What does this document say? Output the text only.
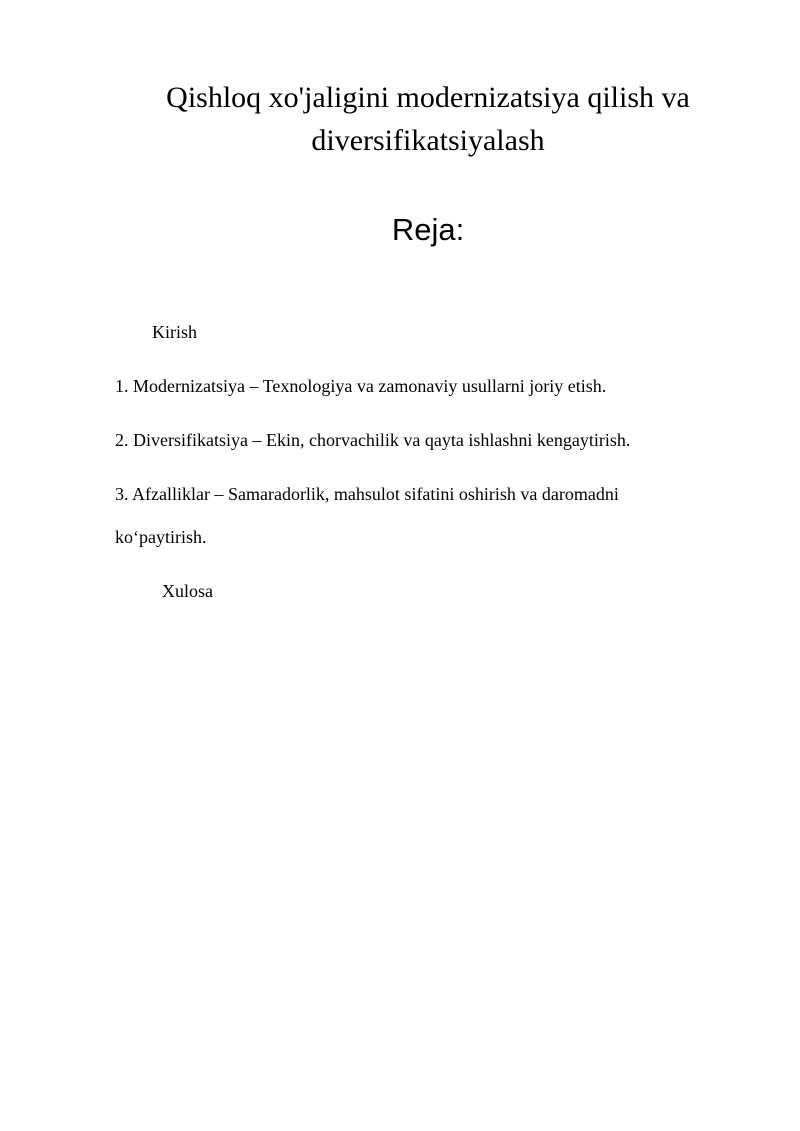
Qishloq xo'jaligini modernizatsiya qilish va diversifikatsiyalash
Reja:

Kirish

1. Modernizatsiya – Texnologiya va zamonaviy usullarni joriy etish.

2. Diversifikatsiya – Ekin, chorvachilik va qayta ishlashni kengaytirish.

3. Afzalliklar – Samaradorlik, mahsulot sifatini oshirish va daromadni

koʻpaytirish.

Xulosa
